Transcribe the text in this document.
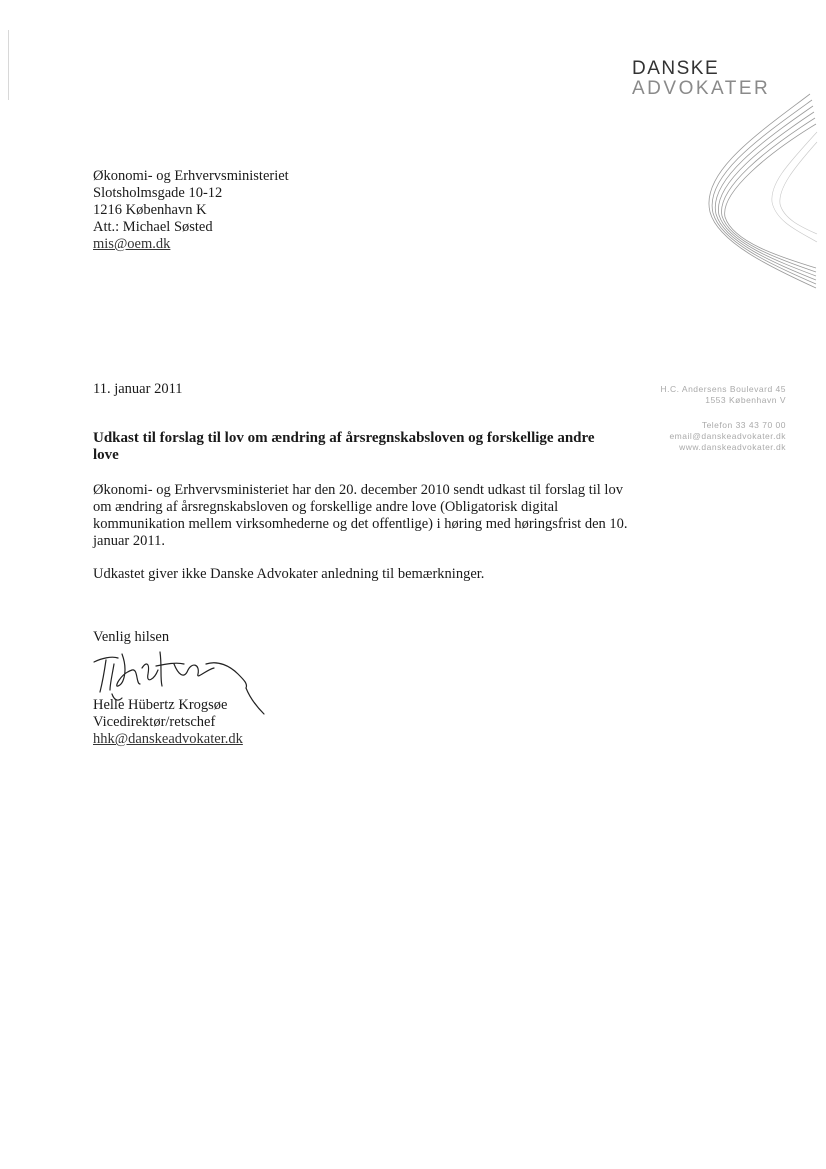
DANSKE
ADVOKATER
Økonomi- og Erhvervsministeriet
Slotsholmsgade 10-12
1216 København K
Att.: Michael Søsted
mis@oem.dk
H.C. Andersens Boulevard 45
1553 København V
Telefon 33 43 70 00
email@danskeadvokater.dk
www.danskeadvokater.dk
11. januar 2011
Udkast til forslag til lov om ændring af årsregnskabsloven og forskellige andre love
Økonomi- og Erhvervsministeriet har den 20. december 2010 sendt udkast til forslag til lov om ændring af årsregnskabsloven og forskellige andre love (Obligatorisk digital kommunikation mellem virksomhederne og det offentlige) i høring med høringsfrist den 10. januar 2011.
Udkastet giver ikke Danske Advokater anledning til bemærkninger.
Venlig hilsen
Helle Hübertz Krogsøe
Vicedirektør/retschef
hhk@danskeadvokater.dk
